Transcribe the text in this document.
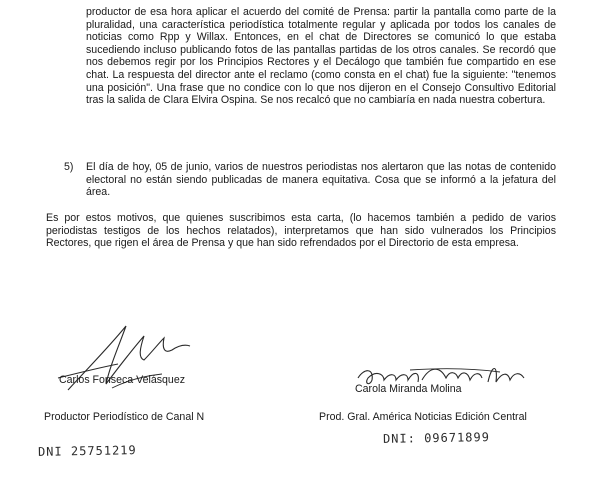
productor de esa hora aplicar el acuerdo del comité de Prensa: partir la pantalla como parte de la pluralidad, una característica periodística totalmente regular y aplicada por todos los canales de noticias como Rpp y Willax. Entonces, en el chat de Directores se comunicó lo que estaba sucediendo incluso publicando fotos de las pantallas partidas de los otros canales. Se recordó que nos debemos regir por los Principios Rectores y el Decálogo que también fue compartido en ese chat. La respuesta del director ante el reclamo (como consta en el chat) fue la siguiente: "tenemos una posición". Una frase que no condice con lo que nos dijeron en el Consejo Consultivo Editorial tras la salida de Clara Elvira Ospina. Se nos recalcó que no cambiaría en nada nuestra cobertura.

5)	El día de hoy, 05 de junio, varios de nuestros periodistas nos alertaron que las notas de contenido electoral no están siendo publicadas de manera equitativa. Cosa que se informó a la jefatura del área.

Es por estos motivos, que quienes suscribimos esta carta, (lo hacemos también a pedido de varios periodistas testigos de los hechos relatados), interpretamos que han sido vulnerados los Principios Rectores, que rigen el área de Prensa y que han sido refrendados por el Directorio de esta empresa.

Carlos Fonseca Velásquez
Productor Periodístico de Canal N
DNI 25751219
Carola Miranda Molina
Prod. Gral. América Noticias Edición Central
DNI: 09671899
